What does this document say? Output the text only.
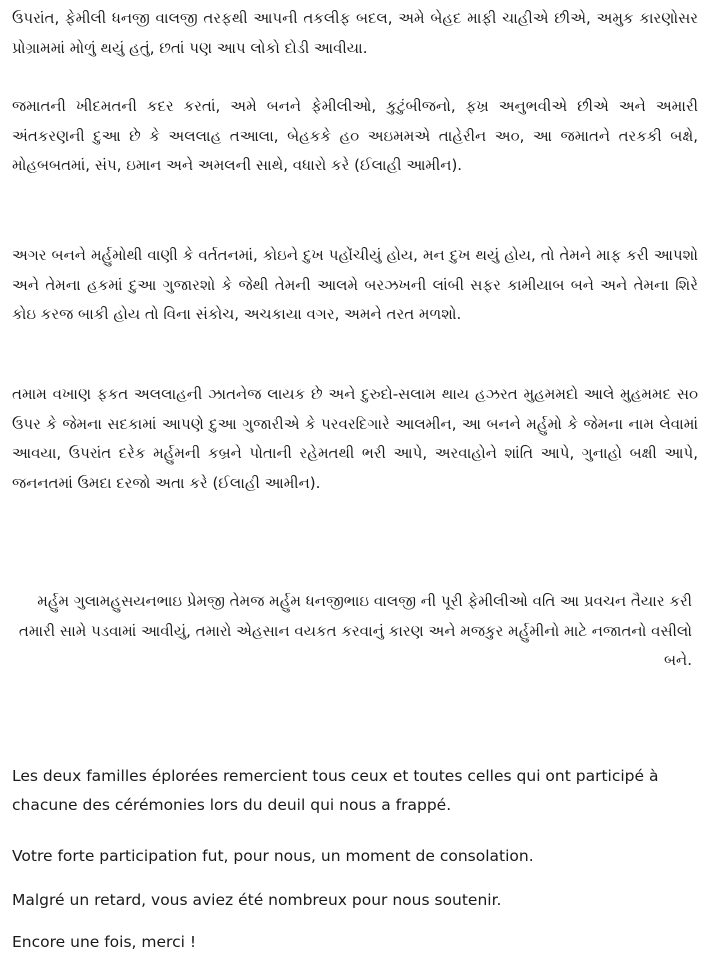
ઉપરાંત, ફેમીલી ધનજી વાલજી તરફથી આપની તકલીફ બદલ, અમે બેહદ માફી ચાહીએ છીએ, અમુક કારણોસર પ્રોગ્રામમાં મોળું થયું હતું, છતાં પણ આપ લોકો દોડી આવીયા.

જમાતની ખીદમતની કદર કરતાં, અમે બનને ફેમીલીઓ, કુટુંબીજનો, ફખ્ર અનુભવીએ છીએ અને અમારી અંતકરણની દુઆ છે કે અલલાહ તઆલા, બેહકકે હ૦ અઇમમએ તાહેરીન અ૦, આ જમાતને તરકકી બક્ષે, મોહબબતમાં, સંપ, ઇમાન અને અમલની સાથે, વધારો કરે (ઈલાહી આમીન).

અગર બનને મર્હુમોથી વાણી કે વર્તતનમાં, કોઇને દુખ પહોંચીયું હોય, મન દુખ થયું હોય, તો તેમને માફ કરી આપશો અને તેમના હકમાં દુઆ ગુજારશો કે જેથી તેમની આલમે બરઝખની લાંબી સફર કામીયાબ બને અને તેમના શિરે કોઇ કરજ બાકી હોય તો વિના સંકોચ, અચકાયા વગર, અમને તરત મળશો.

તમામ વખાણ ફકત અલલાહની ઝાતનેજ લાયક છે અને દુરુદો-સલામ થાય હઝરત મુહમમદો આલે મુહમમદ સ૦ ઉપર કે જેમના સદકામાં આપણે દુઆ ગુજારીએ કે પરવરદિગારે આલમીન, આ બનને મર્હુમો કે જેમના નામ લેવામાં આવયા, ઉપરાંત દરેક મર્હુમની કબ્રને પોતાની રહેમતથી ભરી આપે, અરવાહોને શાંતિ આપે, ગુનાહો બક્ષી આપે, જનનતમાં ઉમદા દરજો અતા કરે (ઈલાહી આમીન).

મર્હુમ ગુલામહુસયનભાઇ પ્રેમજી તેમજ મર્હુમ ધનજીભાઇ વાલજી ની પૂરી ફેમીલીઓ વતિ આ પ્રવચન તૈયાર કરી તમારી સામે પડવામાં આવીયું, તમારો એહસાન વયકત કરવાનું કારણ અને મજકુર મર્હુમીનો માટે નજાતનો વસીલો બને.

Les deux familles éplorées remercient tous ceux et toutes celles qui ont participé à chacune des cérémonies lors du deuil qui nous a frappé.

Votre forte participation fut, pour nous, un moment de consolation.

Malgré un retard, vous aviez été nombreux pour nous soutenir.

Encore une fois, merci !
